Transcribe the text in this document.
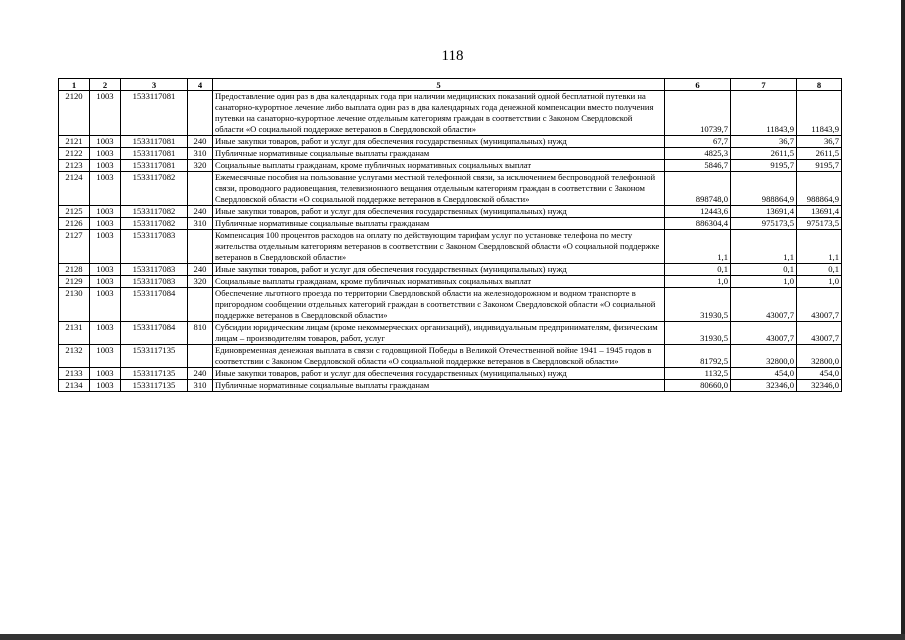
118
1	2	3	4	5	6	7	8
2120	1003	1533117081		Предоставление один раз в два календарных года при наличии медицинских показаний одной бесплатной путевки на санаторно-курортное лечение либо выплата один раз в два календарных года денежной компенсации вместо получения путевки на санаторно-курортное лечение отдельным категориям граждан в соответствии с Законом Свердловской области «О социальной поддержке ветеранов в Свердловской области»	10739,7	11843,9	11843,9
2121	1003	1533117081	240	Иные закупки товаров, работ и услуг для обеспечения государственных (муниципальных) нужд	67,7	36,7	36,7
2122	1003	1533117081	310	Публичные нормативные социальные выплаты гражданам	4825,3	2611,5	2611,5
2123	1003	1533117081	320	Социальные выплаты гражданам, кроме публичных нормативных социальных выплат	5846,7	9195,7	9195,7
2124	1003	1533117082		Ежемесячные пособия на пользование услугами местной телефонной связи, за исключением беспроводной телефонной связи, проводного радиовещания, телевизионного вещания отдельным категориям граждан в соответствии с Законом Свердловской области «О социальной поддержке ветеранов в Свердловской области»	898748,0	988864,9	988864,9
2125	1003	1533117082	240	Иные закупки товаров, работ и услуг для обеспечения государственных (муниципальных) нужд	12443,6	13691,4	13691,4
2126	1003	1533117082	310	Публичные нормативные социальные выплаты гражданам	886304,4	975173,5	975173,5
2127	1003	1533117083		Компенсация 100 процентов расходов на оплату по действующим тарифам услуг по установке телефона по месту жительства отдельным категориям ветеранов в соответствии с Законом Свердловской области «О социальной поддержке ветеранов в Свердловской области»	1,1	1,1	1,1
2128	1003	1533117083	240	Иные закупки товаров, работ и услуг для обеспечения государственных (муниципальных) нужд	0,1	0,1	0,1
2129	1003	1533117083	320	Социальные выплаты гражданам, кроме публичных нормативных социальных выплат	1,0	1,0	1,0
2130	1003	1533117084		Обеспечение льготного проезда по территории Свердловской области на железнодорожном и водном транспорте в пригородном сообщении отдельных категорий граждан в соответствии с Законом Свердловской области «О социальной поддержке ветеранов в Свердловской области»	31930,5	43007,7	43007,7
2131	1003	1533117084	810	Субсидии юридическим лицам (кроме некоммерческих организаций), индивидуальным предпринимателям, физическим лицам – производителям товаров, работ, услуг	31930,5	43007,7	43007,7
2132	1003	1533117135		Единовременная денежная выплата в связи с годовщиной Победы в Великой Отечественной войне 1941 – 1945 годов в соответствии с Законом Свердловской области «О социальной поддержке ветеранов в Свердловской области»	81792,5	32800,0	32800,0
2133	1003	1533117135	240	Иные закупки товаров, работ и услуг для обеспечения государственных (муниципальных) нужд	1132,5	454,0	454,0
2134	1003	1533117135	310	Публичные нормативные социальные выплаты гражданам	80660,0	32346,0	32346,0
